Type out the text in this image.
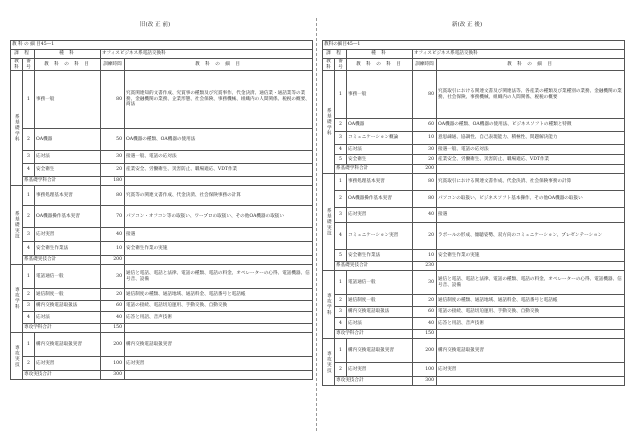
旧(改 正 前)	新(改 正 後)
教 科 の 細 目45—1				
課 程		種 科	オフィスビジネス系電話交換科	
教 科	番号	教 科 の 科 目	訓練時間	教 科 の 細 目
系基礎学科	1	事務一般	80	究賞関連知的文書作成、究賞事の種類及び究賞事作、代金決済、通信業・通話業等の業務、金融機関の業務、企業形態、社会保険、事務機械、組織内の人間関係、税税の概要、商法
	2	OA機器	50	OA機器の種類、OA機器の使用法
	3	応対法	30	接遇一般、電話の応対法
	4	安全衛生	20	産業安全、労働衛生、災害防止、職場適応、VDT作業
	系基礎学科合計		180	
系基礎実技	1	事務処理基本実習	80	究賞等の関連文書作成、代金決済、社会保険事務の計算
	2	OA機器操作基本実習	70	パソコン・オフコン等の取扱い、ワープロの取扱い、その他OA機器の取扱い
	3	応対実習	40	接遇
	4	安全衛生作業法	10	安全衛生作業の実施
	系基礎実技合計		200	
専攻学科	1	電話通信一般	30	通信と電話、電話と法律、電話の種類、電話の料金、オペレーターの心得、電話機器、信号音、設備
	2	通信制度一般	20	通信制度の種類、通話地域、通話料金、電話番号と電話帳
	3	構内交換電話取扱法	60	電話の接続、電話切迫運用、手動交換、自動交換
	4	応対法	40	応答と用語、音声技術
	専攻学科合計		150	
専攻実技	1	構内交換電話取扱実習	200	構内交換電話取扱実習
	2	応対実習	100	応対実習
	専攻実技合計		300	
教科の細目45—1				
課 程		種 科	オフィスビジネス系電話交換科	
教 科	番号	教 科 の 科 目	訓練時間	教 科 の 細 目
系基礎学科	1	事務一般	80	究賞取引における関連文書及び関連法等、各産業の種類及び業種別の業務、金融機関の業務、社会保険、事務機械、組織内の人間関係、税税の概要
	2	OA機器	60	OA機器の種類、OA機器の使用法、ビジネスソフトの種類と特徴
	3	コミュニケーション概論	10	意思疎通、協調性、自己表現能力、積極性、問題解決能力
	4	応対法	30	接遇一般、電話の応対法
	5	安全衛生	20	産業安全、労働衛生、災害防止、職場適応、VDT作業
	系基礎学科合計		200	
系基礎実技	1	事務処理基本実習	80	究賞取引における関連文書作成、代金決済、社会保険事務の計算
	2	OA機器操作基本実習	80	パソコンの取扱い、ビジネスソフト基本操作、その他OA機器の取扱い
	3	応対実習	40	接遇
	4	コミュニケーション実習	20	ラポールの形成、傾聴姿勢、双方向のコミュニケーション、プレゼンテーション
	5	安全衛生作業法	10	安全衛生作業の実施
	系基礎実技合計		230	
専攻学科	1	電話通信一般	30	通信と電話、電話と法律、電話の種類、電話の料金、オペレーターの心得、電話機器、信号音、設備
	2	通信制度一般	20	通信制度の種類、通話地域、通話料金、電話番号と電話帳
	3	構内交換電話取扱法	60	電話の接続、電話切迫運用、手動交換、自動交換
	4	応対法	40	応答と用語、音声技術
	専攻学科合計		150	
専攻実技	1	構内交換電話取扱実習	200	構内交換電話取扱実習
	2	応対実習	100	応対実習
	専攻実技合計		300	
